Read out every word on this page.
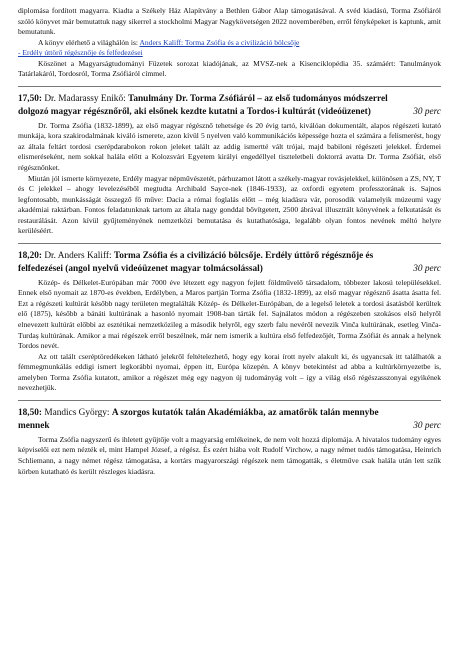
diplomása fordított magyarra. Kiadta a Székely Ház Alapítvány a Bethlen Gábor Alap támogatásával. A svéd kiadású, Torma Zsófiáról szóló könyvet már bemutattuk nagy sikerrel a stockholmi Magyar Nagykövetségen 2022 novemberében, erről fényképeket is kaptunk, amit bemutatunk.

A könyv elérhető a világhálón is: Anders Kaliff: Torma Zsófia és a civilizáció bölcsője

- Erdély úttörő régésznője és felfedezései

Köszönet a Magyarságtudományi Füzetek sorozat kiadójának, az MVSZ-nek a Kisenciklopédia 35. számáért: Tanulmányok Tatárlakáról, Tordosról, Torma Zsófiáról címmel.

17,50: Dr. Madarassy Enikő: Tanulmány Dr. Torma Zsófiáról – az első tudományos módszerrel dolgozó magyar régésznőről, aki elsőnek kezdte kutatni a Tordos-i kultúrát (videóüzenet)	30 perc

Dr. Torma Zsófia (1832-1899), az első magyar régésznő tehetsége és 20 évig tartó, kiválóan dokumentált, alapos régészeti kutató munkája, kora szakirodalmának kiváló ismerete, azon kívül 5 nyelven való kommunikációs képessége hozta el számára a felismerést, hogy az általa feltárt tordosi cserépdarabokon rokon jeleket talált az addig ismertté vált trójai, majd babiloni régészeti jelekkel. Érdemei elismeréseként, nem sokkal halála előtt a Kolozsvári Egyetem királyi engedéllyel tiszteletbeli doktorrá avatta Dr. Torma Zsófiát, első régésznőnket.

Miután jól ismerte környezete, Erdély magyar népművészetét, párhuzamot látott a székely-magyar rovásjelekkel, különösen a ZS, NY, T és C jelekkel – ahogy levelezéséből megtudta Archibald Sayce-nek (1846-1933), az oxfordi egyetem professzorának is. Sajnos legfontosabb, munkásságát összegző fő műve: Dacia a római foglalás előtt – még kiadásra vár, porosodik valamelyik múzeumi vagy akadémiai raktárban. Fontos feladatunknak tartom az általa nagy gonddal bővítgetett, 2500 ábrával illusztrált könyvének a felkutatását és restaurálását. Azon kívül gyűjteményének nemzetközi bemutatása és kutathatósága, legalább olyan fontos nevének méltó helyre kerüléséért.

18,20: Dr. Anders Kaliff: Torma Zsófia és a civilizáció bölcsője. Erdély úttörő régésznője és felfedezései (angol nyelvű videóüzenet magyar tolmácsolással)	30 perc

Közép- és Délkelet-Európában már 7000 éve létezett egy nagyon fejlett földművelő társadalom, többezer lakosú településekkel. Ennek első nyomait az 1870-es években, Erdélyben, a Maros partján Torma Zsófia (1832-1899), az első magyar régésznő ásatta ásatta fel. Ezt a régészeti kultúrát később nagy területen megtalálták Közép- és Délkelet-Európában, de a legelső leletek a tordosi ásatásból kerültek elő (1875), később a bánáti kultúrának a hasonló nyomait 1908-ban tárták fel. Sajnálatos módon a régészeben szokásos első helyről elnevezett kultúrát előbbi az esztétikai nemzetközileg a második helyről, egy szerb falu nevéről nevezik Vinča kultúrának, esetleg Vinča-Turdaș kultúrának. Amikor a mai régészek erről beszélnek, már nem ismerik a kultúra első felfedezőjét, Torma Zsófiát és annak a helynek Tordos nevét.

Az ott talált cseréptöredékeken látható jelekről feltételezhető, hogy egy korai írott nyelv alakult ki, és ugyancsak itt találhatók a fémmegmunkálás eddigi ismert legkorábbi nyomai, éppen itt, Európa közepén. A könyv betekintést ad abba a kultúrkörnyezetbe is, amelyben Torma Zsófia kutatott, amikor a régészet még egy nagyon új tudományág volt – így a világ első régészasszonyai egyikének nevezhetjük.

18,50: Mandics György: A szorgos kutatók talán Akadémiákba, az amatőrök talán mennybe mennek	30 perc

Torma Zsófia nagyszerű és ihletett gyűjtője volt a magyarság emlékeinek, de nem volt hozzá diplomája. A hivatalos tudomány egyes képviselői ezt nem nézték el, mint Hampel József, a régész. És ezért hiába volt Rudolf Virchow, a nagy német tudós támogatása, Heinrich Schliemann, a nagy német régész támogatása, a kortárs magyarországi régészek nem támogatták, s életműve csak halála után lett szűk körben kutatható és került részleges kiadásra.
